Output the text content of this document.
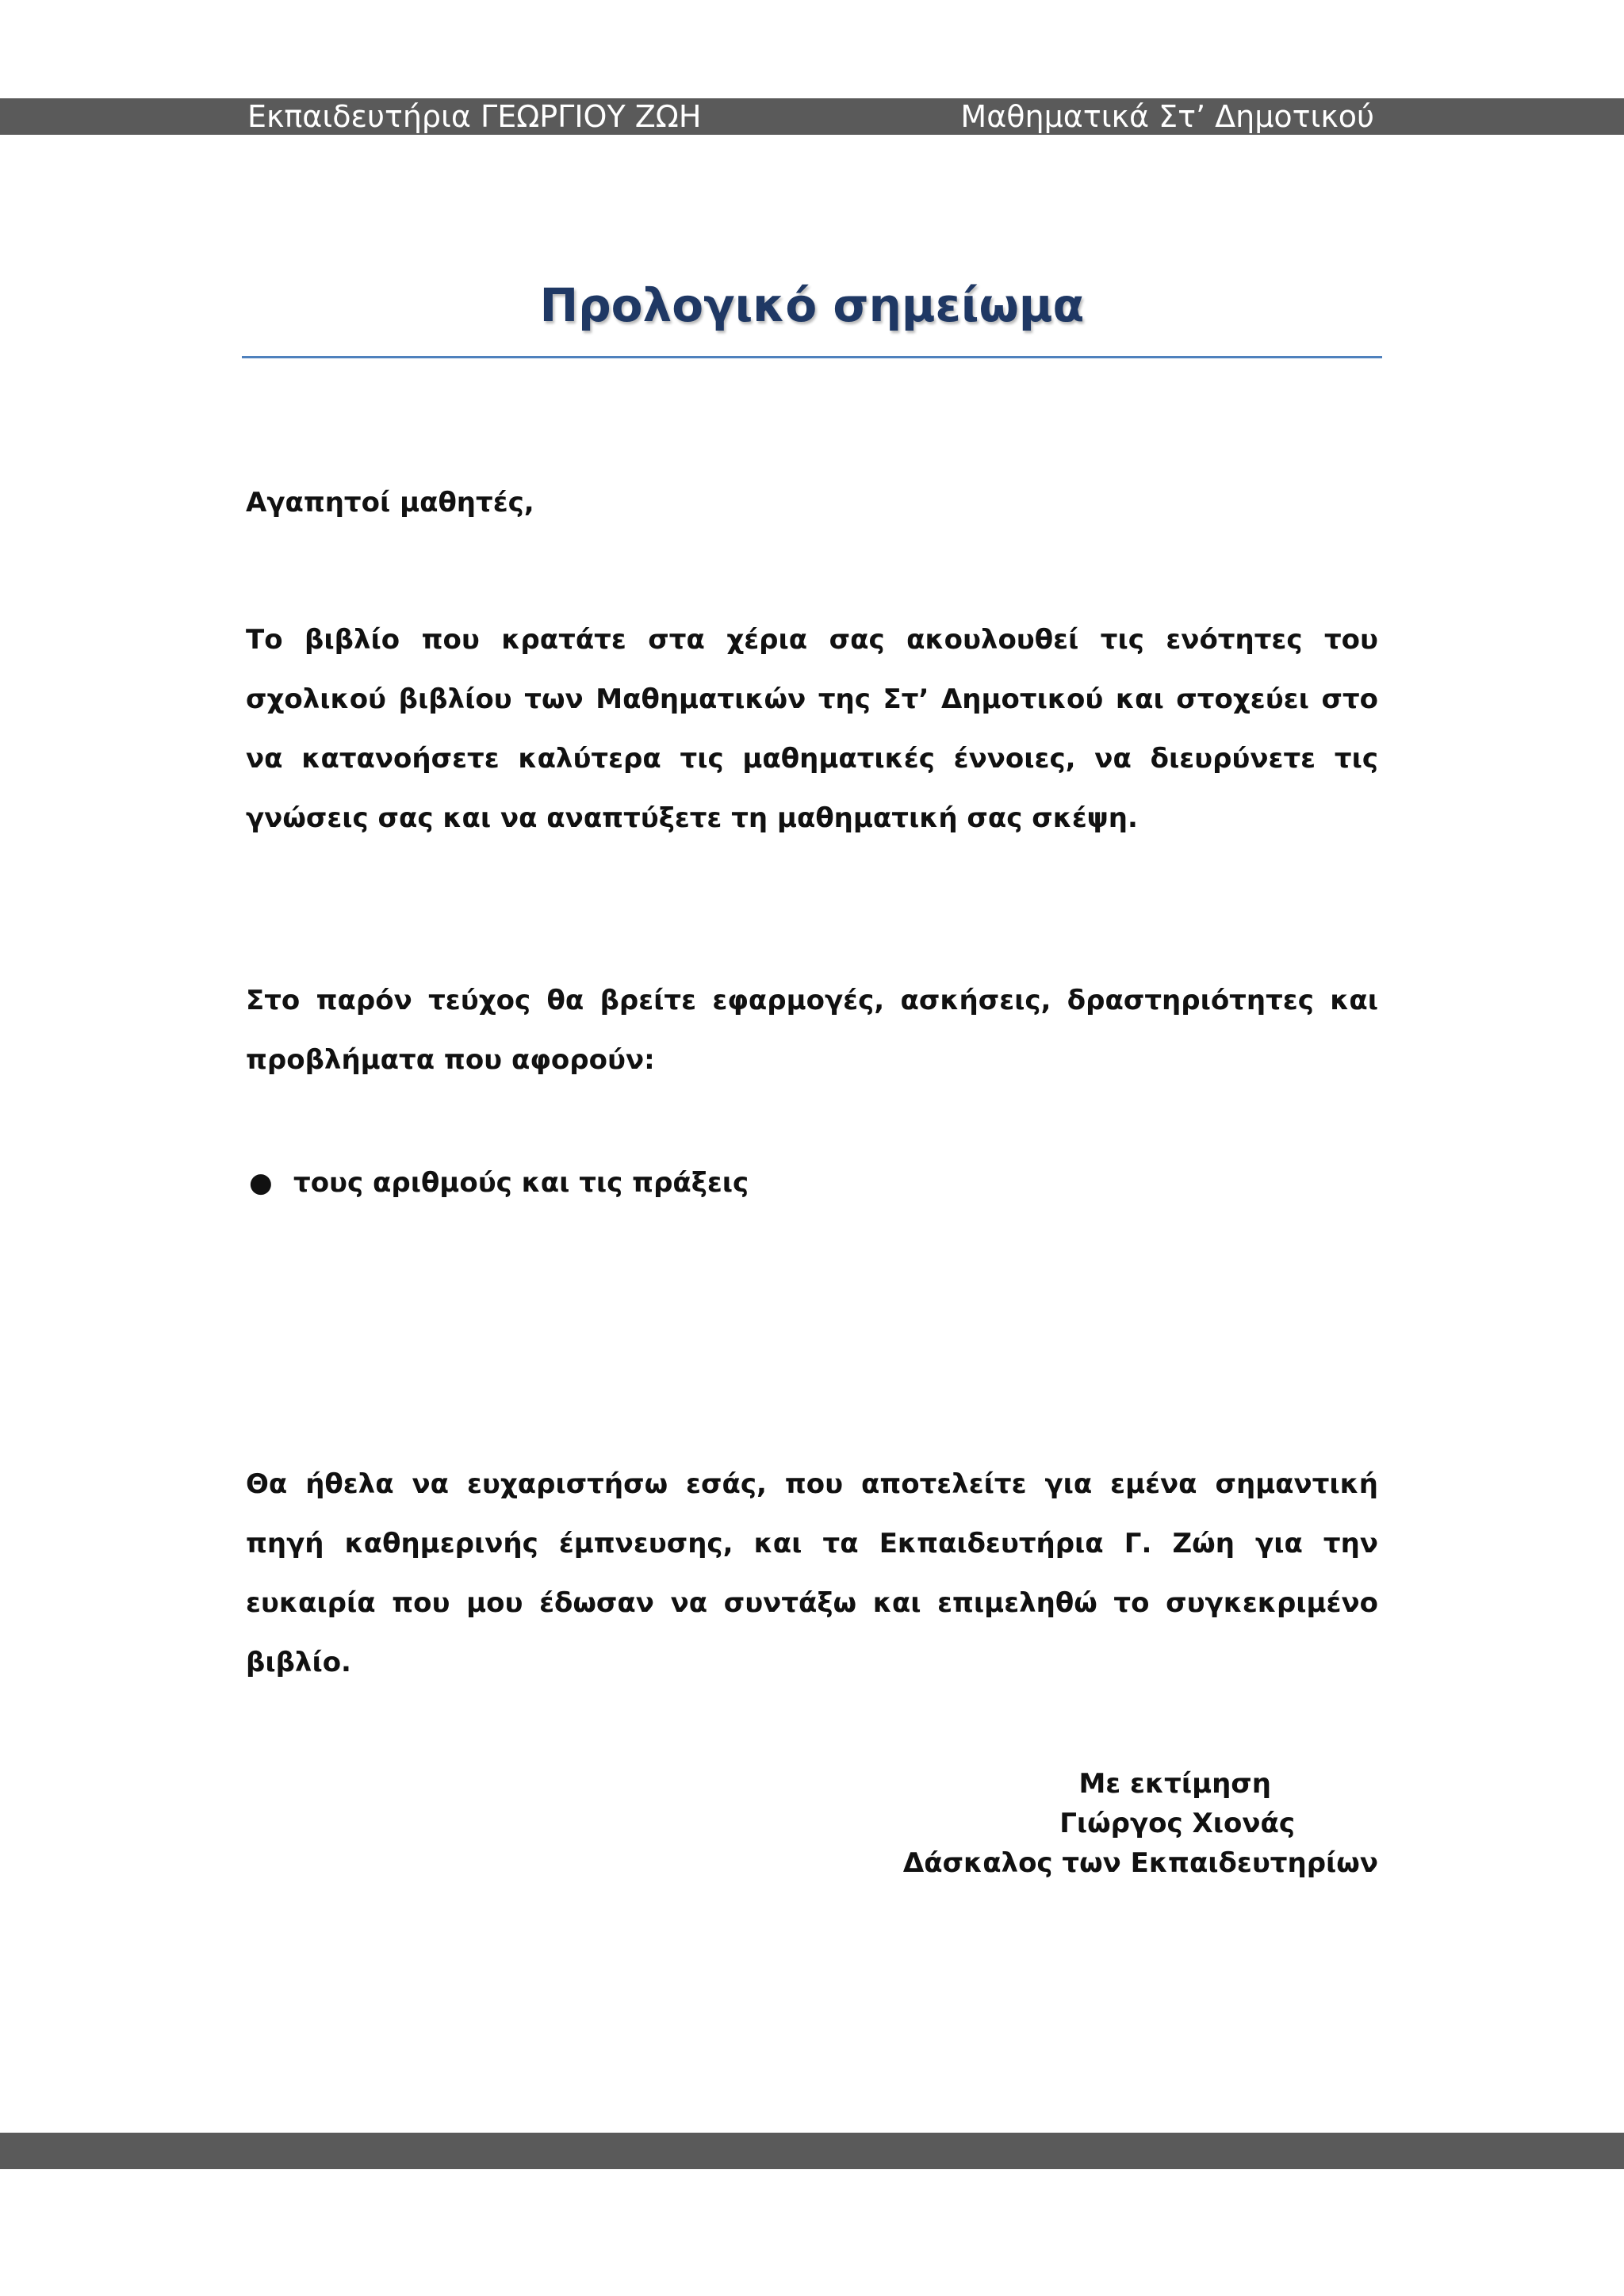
Εκπαιδευτήρια ΓΕΩΡΓΙΟΥ ΖΩΗ	Μαθηματικά Στ’ Δημοτικού
Προλογικό σημείωμα

Αγαπητοί μαθητές,

Το βιβλίο που κρατάτε στα χέρια σας ακουλουθεί τις ενότητες του σχολικού βιβλίου των Μαθηματικών της Στ’ Δημοτικού και στοχεύει στο να κατανοήσετε καλύτερα τις μαθηματικές έννοιες, να διευρύνετε τις γνώσεις σας και να αναπτύξετε τη μαθηματική σας σκέψη.

Στο παρόν τεύχος θα βρείτε εφαρμογές, ασκήσεις, δραστηριότητες και προβλήματα που αφορούν:

● τους αριθμούς και τις πράξεις

Θα ήθελα να ευχαριστήσω εσάς, που αποτελείτε για εμένα σημαντική πηγή καθημερινής έμπνευσης, και τα Εκπαιδευτήρια Γ. Ζώη για την ευκαιρία που μου έδωσαν να συντάξω και επιμεληθώ το συγκεκριμένο βιβλίο.

Με εκτίμηση
Γιώργος Χιονάς
Δάσκαλος των Εκπαιδευτηρίων
